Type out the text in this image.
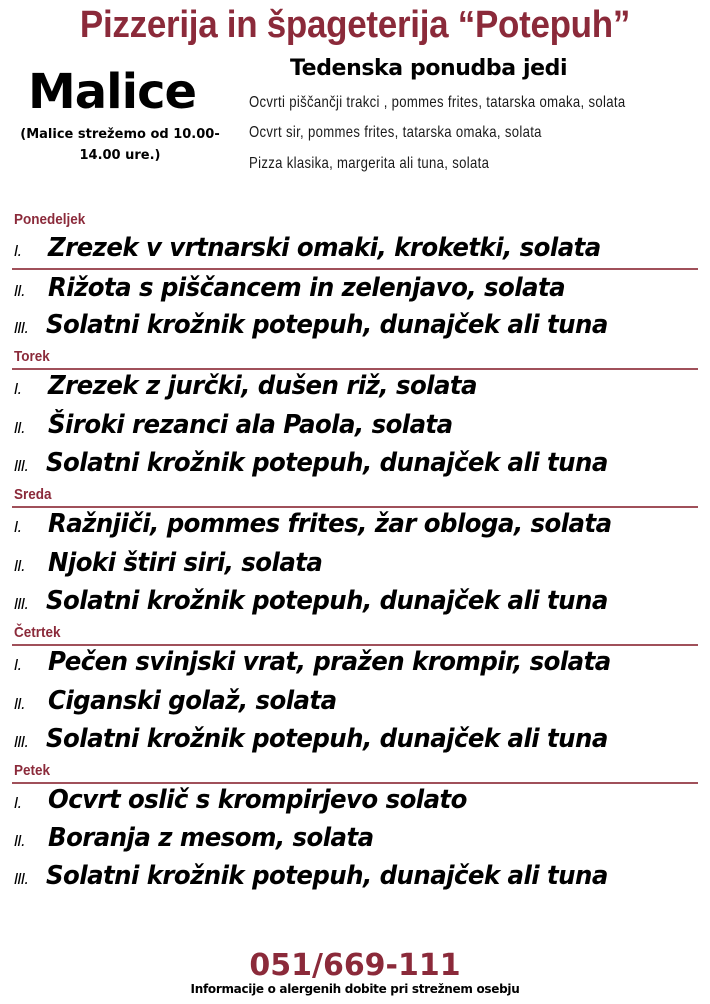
Pizzerija in špageterija “Potepuh”
Malice
(Malice strežemo od 10.00- 14.00 ure.)
Tedenska ponudba jedi
Ocvrti piščančji trakci , pommes frites, tatarska omaka, solata
Ocvrt sir, pommes frites, tatarska omaka, solata
Pizza klasika, margerita ali tuna, solata
Ponedeljek
I.	Zrezek v vrtnarski omaki, kroketki, solata
II. Rižota s piščancem in zelenjavo, solata
III. Solatni krožnik potepuh, dunajček ali tuna
Torek
I.	Zrezek z jurčki, dušen riž, solata
II. Široki rezanci ala Paola, solata
III. Solatni krožnik potepuh, dunajček ali tuna
Sreda
I.	Ražnjiči, pommes frites, žar obloga, solata
II. Njoki štiri siri, solata
III. Solatni krožnik potepuh, dunajček ali tuna
Četrtek
I.	Pečen svinjski vrat, pražen krompir, solata
II. Ciganski golaž, solata
III. Solatni krožnik potepuh, dunajček ali tuna
Petek
I.	Ocvrt oslič s krompirjevo solato
II. Boranja z mesom, solata
III. Solatni krožnik potepuh, dunajček ali tuna
051/669-111
Informacije o alergenih dobite pri strežnem osebju
